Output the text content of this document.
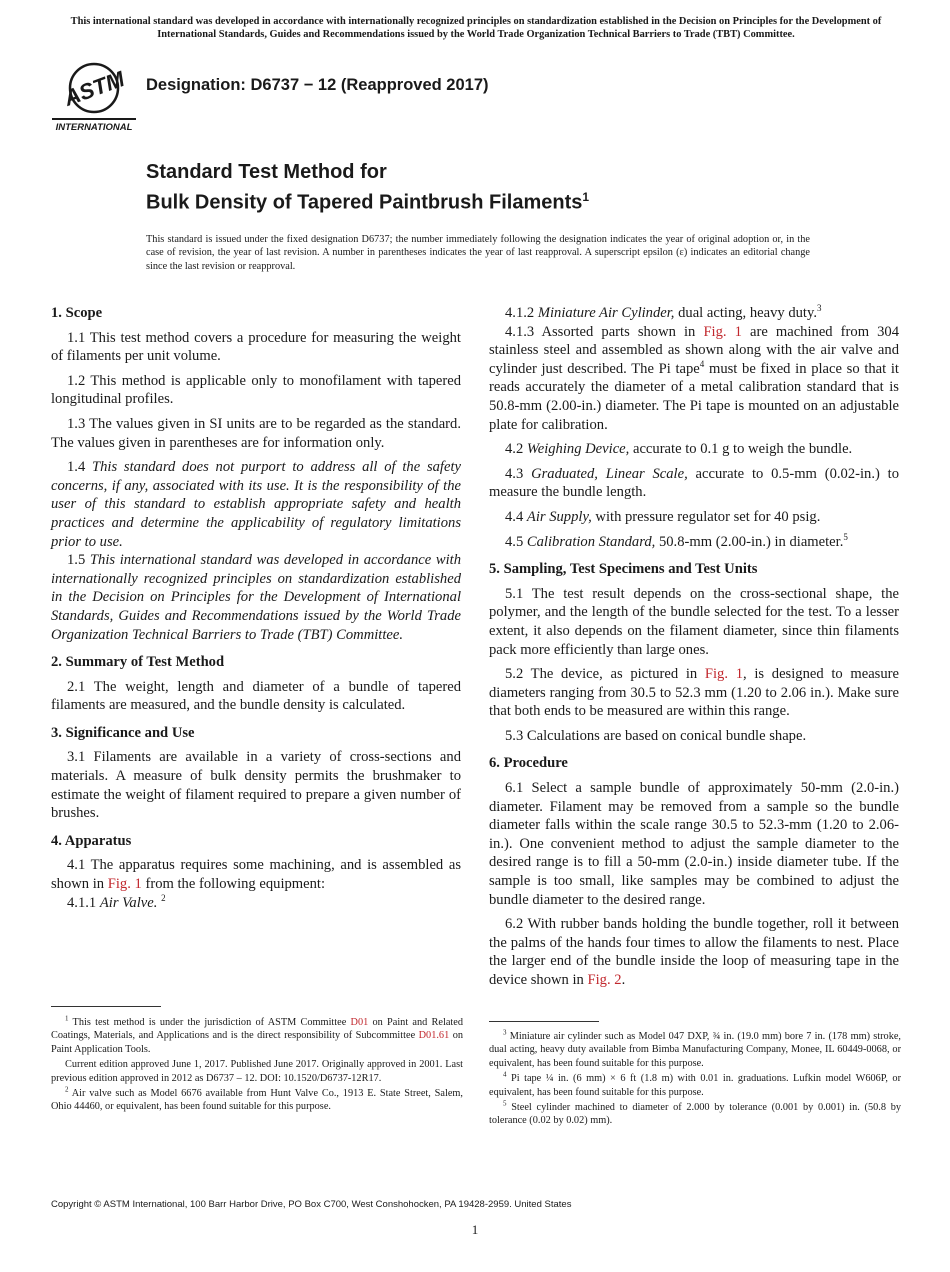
This international standard was developed in accordance with internationally recognized principles on standardization established in the Decision on Principles for the Development of International Standards, Guides and Recommendations issued by the World Trade Organization Technical Barriers to Trade (TBT) Committee.
ASTM
INTERNATIONAL
Designation: D6737 − 12 (Reapproved 2017)
Standard Test Method for
Bulk Density of Tapered Paintbrush Filaments$^1$
This standard is issued under the fixed designation D6737; the number immediately following the designation indicates the year of original adoption or, in the case of revision, the year of last revision. A number in parentheses indicates the year of last reapproval. A superscript epsilon (ε) indicates an editorial change since the last revision or reapproval.
1. Scope

1.1 This test method covers a procedure for measuring the weight of filaments per unit volume.

1.2 This method is applicable only to monofilament with tapered longitudinal profiles.

1.3 The values given in SI units are to be regarded as the standard. The values given in parentheses are for information only.

1.4 This standard does not purport to address all of the safety concerns, if any, associated with its use. It is the responsibility of the user of this standard to establish appropriate safety and health practices and determine the applicability of regulatory limitations prior to use.

1.5 This international standard was developed in accordance with internationally recognized principles on standardization established in the Decision on Principles for the Development of International Standards, Guides and Recommendations issued by the World Trade Organization Technical Barriers to Trade (TBT) Committee.

2. Summary of Test Method

2.1 The weight, length and diameter of a bundle of tapered filaments are measured, and the bundle density is calculated.

3. Significance and Use

3.1 Filaments are available in a variety of cross-sections and materials. A measure of bulk density permits the brushmaker to estimate the weight of filament required to prepare a given number of brushes.

4. Apparatus

4.1 The apparatus requires some machining, and is assembled as shown in Fig. 1 from the following equipment:

4.1.1 Air Valve. $^2$

4.1.2 Miniature Air Cylinder, dual acting, heavy duty.$^3$

4.1.3 Assorted parts shown in Fig. 1 are machined from 304 stainless steel and assembled as shown along with the air valve and cylinder just described. The Pi tape$^4$ must be fixed in place so that it reads accurately the diameter of a metal calibration standard that is 50.8-mm (2.00-in.) diameter. The Pi tape is mounted on an adjustable plate for calibration.

4.2 Weighing Device, accurate to 0.1 g to weigh the bundle.

4.3 Graduated, Linear Scale, accurate to 0.5-mm (0.02-in.) to measure the bundle length.

4.4 Air Supply, with pressure regulator set for 40 psig.

4.5 Calibration Standard, 50.8-mm (2.00-in.) in diameter.$^5$

5. Sampling, Test Specimens and Test Units

5.1 The test result depends on the cross-sectional shape, the polymer, and the length of the bundle selected for the test. To a lesser extent, it also depends on the filament diameter, since thin filaments pack more efficiently than large ones.

5.2 The device, as pictured in Fig. 1, is designed to measure diameters ranging from 30.5 to 52.3 mm (1.20 to 2.06 in.). Make sure that both ends to be measured are within this range.

5.3 Calculations are based on conical bundle shape.

6. Procedure

6.1 Select a sample bundle of approximately 50-mm (2.0-in.) diameter. Filament may be removed from a sample so the bundle diameter falls within the scale range 30.5 to 52.3-mm (1.20 to 2.06-in.). One convenient method to adjust the sample diameter to the desired range is to fill a 50-mm (2.0-in.) inside diameter tube. If the sample is too small, like samples may be combined to adjust the bundle diameter to the desired range.

6.2 With rubber bands holding the bundle together, roll it between the palms of the hands four times to allow the filaments to nest. Place the larger end of the bundle inside the loop of measuring tape in the device shown in Fig. 2.

$^1$ This test method is under the jurisdiction of ASTM Committee D01 on Paint and Related Coatings, Materials, and Applications and is the direct responsibility of Subcommittee D01.61 on Paint Application Tools.

Current edition approved June 1, 2017. Published June 2017. Originally approved in 2001. Last previous edition approved in 2012 as D6737 – 12. DOI: 10.1520/D6737-12R17.

$^2$ Air valve such as Model 6676 available from Hunt Valve Co., 1913 E. State Street, Salem, Ohio 44460, or equivalent, has been found suitable for this purpose.

$^3$ Miniature air cylinder such as Model 047 DXP, ¾ in. (19.0 mm) bore 7 in. (178 mm) stroke, dual acting, heavy duty available from Bimba Manufacturing Company, Monee, IL 60449-0068, or equivalent, has been found suitable for this purpose.

$^4$ Pi tape ¼ in. (6 mm) × 6 ft (1.8 m) with 0.01 in. graduations. Lufkin model W606P, or equivalent, has been found suitable for this purpose.

$^5$ Steel cylinder machined to diameter of 2.000 by tolerance (0.001 by 0.001) in. (50.8 by tolerance (0.02 by 0.02) mm).

Copyright © ASTM International, 100 Barr Harbor Drive, PO Box C700, West Conshohocken, PA 19428-2959. United States
1
